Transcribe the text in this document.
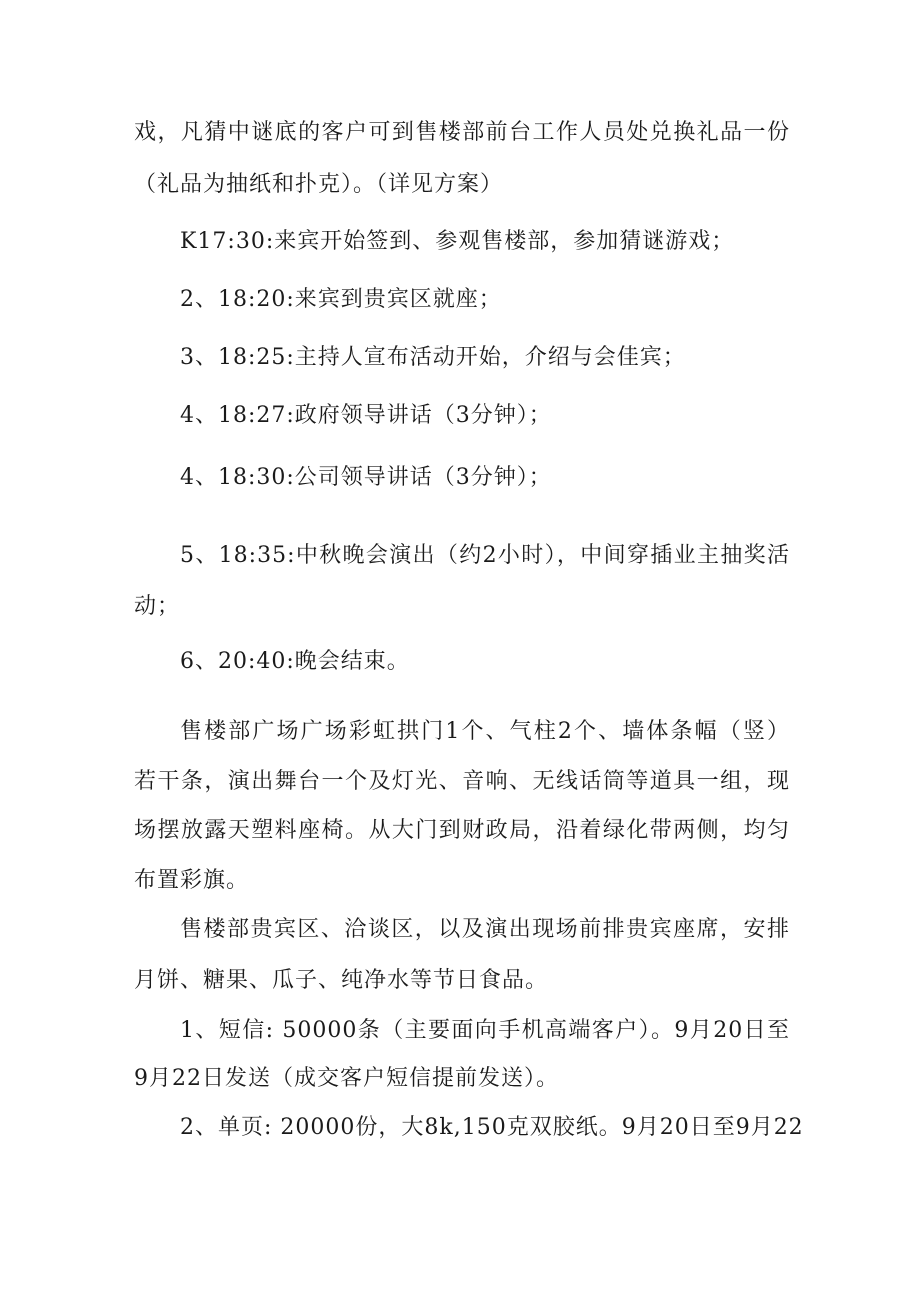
戏，凡猜中谜底的客户可到售楼部前台工作人员处兑换礼品一份
（礼品为抽纸和扑克）。（详见方案）
K17:30:来宾开始签到、参观售楼部，参加猜谜游戏；
2、18:20:来宾到贵宾区就座；
3、18:25:主持人宣布活动开始，介绍与会佳宾；
4、18:27:政府领导讲话（3分钟）；
4、18:30:公司领导讲话（3分钟）；
5、18:35:中秋晚会演出（约2小时），中间穿插业主抽奖活
动；
6、20:40:晚会结束。
售楼部广场广场彩虹拱门1个、气柱2个、墙体条幅（竖）
若干条，演出舞台一个及灯光、音响、无线话筒等道具一组，现
场摆放露天塑料座椅。从大门到财政局，沿着绿化带两侧，均匀
布置彩旗。
售楼部贵宾区、洽谈区，以及演出现场前排贵宾座席，安排
月饼、糖果、瓜子、纯净水等节日食品。
1、短信: 50000条（主要面向手机高端客户）。9月20日至
9月22日发送（成交客户短信提前发送）。
2、单页: 20000份，大8k,150克双胶纸。9月20日至9月22
